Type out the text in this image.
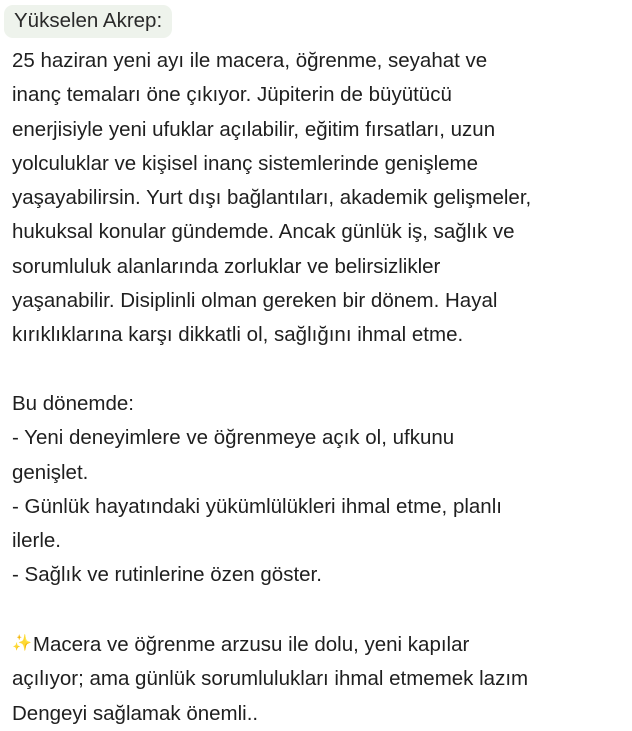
Yükselen Akrep:

25 haziran yeni ayı ile macera, öğrenme, seyahat ve

inanç temaları öne çıkıyor. Jüpiterin de büyütücü

enerjisiyle yeni ufuklar açılabilir, eğitim fırsatları, uzun

yolculuklar ve kişisel inanç sistemlerinde genişleme

yaşayabilirsin. Yurt dışı bağlantıları, akademik gelişmeler,

hukuksal konular gündemde. Ancak günlük iş, sağlık ve

sorumluluk alanlarında zorluklar ve belirsizlikler

yaşanabilir. Disiplinli olman gereken bir dönem. Hayal

kırıklıklarına karşı dikkatli ol, sağlığını ihmal etme.

Bu dönemde:

- Yeni deneyimlere ve öğrenmeye açık ol, ufkunu

genişlet.

- Günlük hayatındaki yükümlülükleri ihmal etme, planlı

ilerle.

- Sağlık ve rutinlerine özen göster.

✨Macera ve öğrenme arzusu ile dolu, yeni kapılar

açılıyor; ama günlük sorumlulukları ihmal etmemek lazım

Dengeyi sağlamak önemli..
